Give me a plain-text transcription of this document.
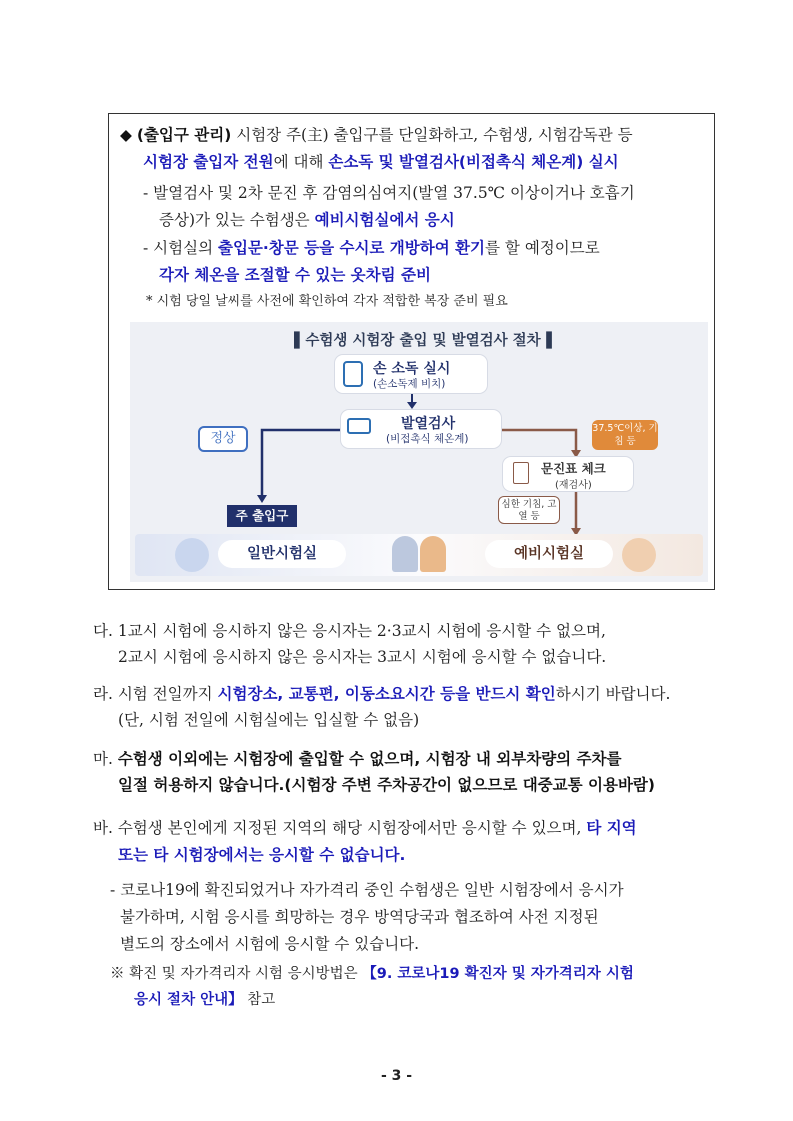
◆ (출입구 관리) 시험장 주(主) 출입구를 단일화하고, 수험생, 시험감독관 등
시험장 출입자 전원에 대해 손소독 및 발열검사(비접촉식 체온계) 실시
- 발열검사 및 2차 문진 후 감염의심여지(발열 37.5℃ 이상이거나 호흡기
증상)가 있는 수험생은 예비시험실에서 응시
- 시험실의 출입문·창문 등을 수시로 개방하여 환기를 할 예정이므로
각자 체온을 조절할 수 있는 옷차림 준비
* 시험 당일 날씨를 사전에 확인하여 각자 적합한 복장 준비 필요
▌수험생 시험장 출입 및 발열검사 절차▐
손 소독 실시
(손소독제 비치)
발열검사
(비접촉식 체온계)
정상
37.5℃이상, 기침 등
문진표 체크
(재검사)
심한 기침, 고열 등
주 출입구
일반시험실	예비시험실
다. 1교시 시험에 응시하지 않은 응시자는 2·3교시 시험에 응시할 수 없으며,
2교시 시험에 응시하지 않은 응시자는 3교시 시험에 응시할 수 없습니다.
라. 시험 전일까지 시험장소, 교통편, 이동소요시간 등을 반드시 확인하시기 바랍니다.
(단, 시험 전일에 시험실에는 입실할 수 없음)
마. 수험생 이외에는 시험장에 출입할 수 없으며, 시험장 내 외부차량의 주차를
일절 허용하지 않습니다.(시험장 주변 주차공간이 없으므로 대중교통 이용바람)
바. 수험생 본인에게 지정된 지역의 해당 시험장에서만 응시할 수 있으며, 타 지역
또는 타 시험장에서는 응시할 수 없습니다.
- 코로나19에 확진되었거나 자가격리 중인 수험생은 일반 시험장에서 응시가
불가하며, 시험 응시를 희망하는 경우 방역당국과 협조하여 사전 지정된
별도의 장소에서 시험에 응시할 수 있습니다.
※ 확진 및 자가격리자 시험 응시방법은 【9. 코로나19 확진자 및 자가격리자 시험
응시 절차 안내】 참고
- 3 -
